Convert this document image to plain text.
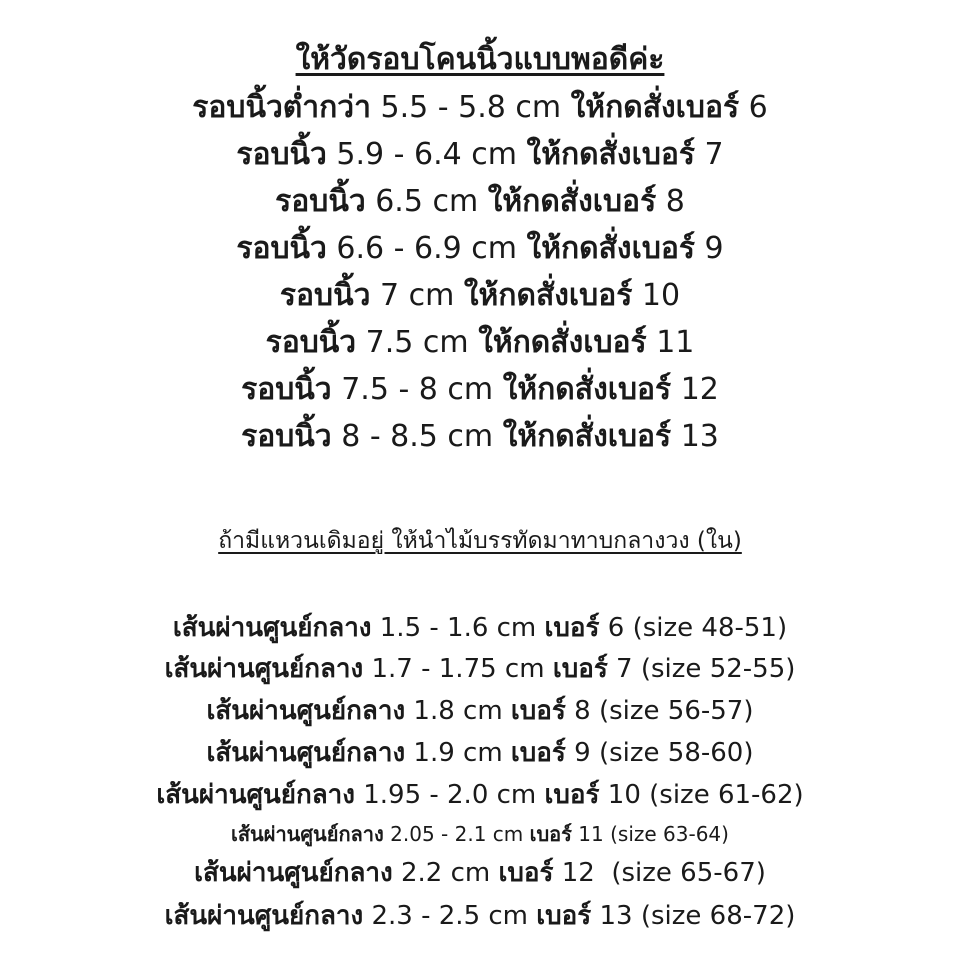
ให้วัดรอบโคนนิ้วแบบพอดีค่ะ
รอบนิ้วต่ำกว่า 5.5 - 5.8 cm ให้กดสั่งเบอร์ 6
รอบนิ้ว 5.9 - 6.4 cm ให้กดสั่งเบอร์ 7
รอบนิ้ว 6.5 cm ให้กดสั่งเบอร์ 8
รอบนิ้ว 6.6 - 6.9 cm ให้กดสั่งเบอร์ 9
รอบนิ้ว 7 cm ให้กดสั่งเบอร์ 10
รอบนิ้ว 7.5 cm ให้กดสั่งเบอร์ 11
รอบนิ้ว 7.5 - 8 cm ให้กดสั่งเบอร์ 12
รอบนิ้ว 8 - 8.5 cm ให้กดสั่งเบอร์ 13
ถ้ามีแหวนเดิมอยู่ ให้นำไม้บรรทัดมาทาบกลางวง (ใน)
เส้นผ่านศูนย์กลาง 1.5 - 1.6 cm เบอร์ 6 (size 48-51)
เส้นผ่านศูนย์กลาง 1.7 - 1.75 cm เบอร์ 7 (size 52-55)
เส้นผ่านศูนย์กลาง 1.8 cm เบอร์ 8 (size 56-57)
เส้นผ่านศูนย์กลาง 1.9 cm เบอร์ 9 (size 58-60)
เส้นผ่านศูนย์กลาง 1.95 - 2.0 cm เบอร์ 10 (size 61-62)
เส้นผ่านศูนย์กลาง 2.05 - 2.1 cm เบอร์ 11 (size 63-64)
เส้นผ่านศูนย์กลาง 2.2 cm เบอร์ 12  (size 65-67)
เส้นผ่านศูนย์กลาง 2.3 - 2.5 cm เบอร์ 13 (size 68-72)
